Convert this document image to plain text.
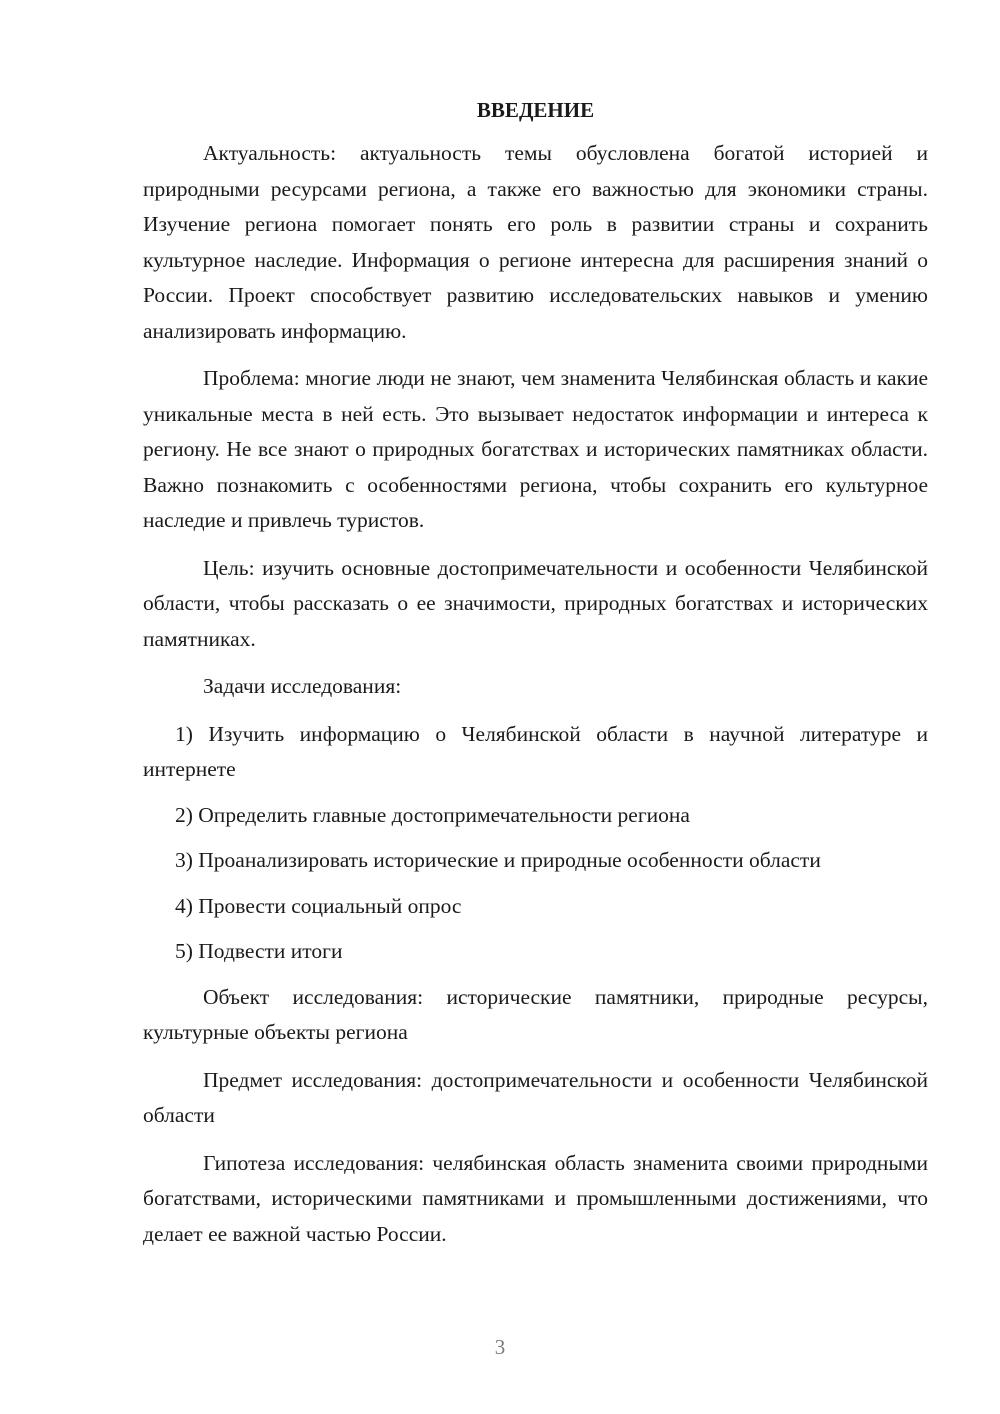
ВВЕДЕНИЕ

Актуальность: актуальность темы обусловлена богатой историей и природными ресурсами региона, а также его важностью для экономики страны. Изучение региона помогает понять его роль в развитии страны и сохранить культурное наследие. Информация о регионе интересна для расширения знаний о России. Проект способствует развитию исследовательских навыков и умению анализировать информацию.

Проблема: многие люди не знают, чем знаменита Челябинская область и какие уникальные места в ней есть. Это вызывает недостаток информации и интереса к региону. Не все знают о природных богатствах и исторических памятниках области. Важно познакомить с особенностями региона, чтобы сохранить его культурное наследие и привлечь туристов.

Цель: изучить основные достопримечательности и особенности Челябинской области, чтобы рассказать о ее значимости, природных богатствах и исторических памятниках.

Задачи исследования:

1) Изучить информацию о Челябинской области в научной литературе и интернете

2) Определить главные достопримечательности региона

3) Проанализировать исторические и природные особенности области

4) Провести социальный опрос

5) Подвести итоги

Объект исследования: исторические памятники, природные ресурсы, культурные объекты региона

Предмет исследования: достопримечательности и особенности Челябинской области

Гипотеза исследования: челябинская область знаменита своими природными богатствами, историческими памятниками и промышленными достижениями, что делает ее важной частью России.

3
